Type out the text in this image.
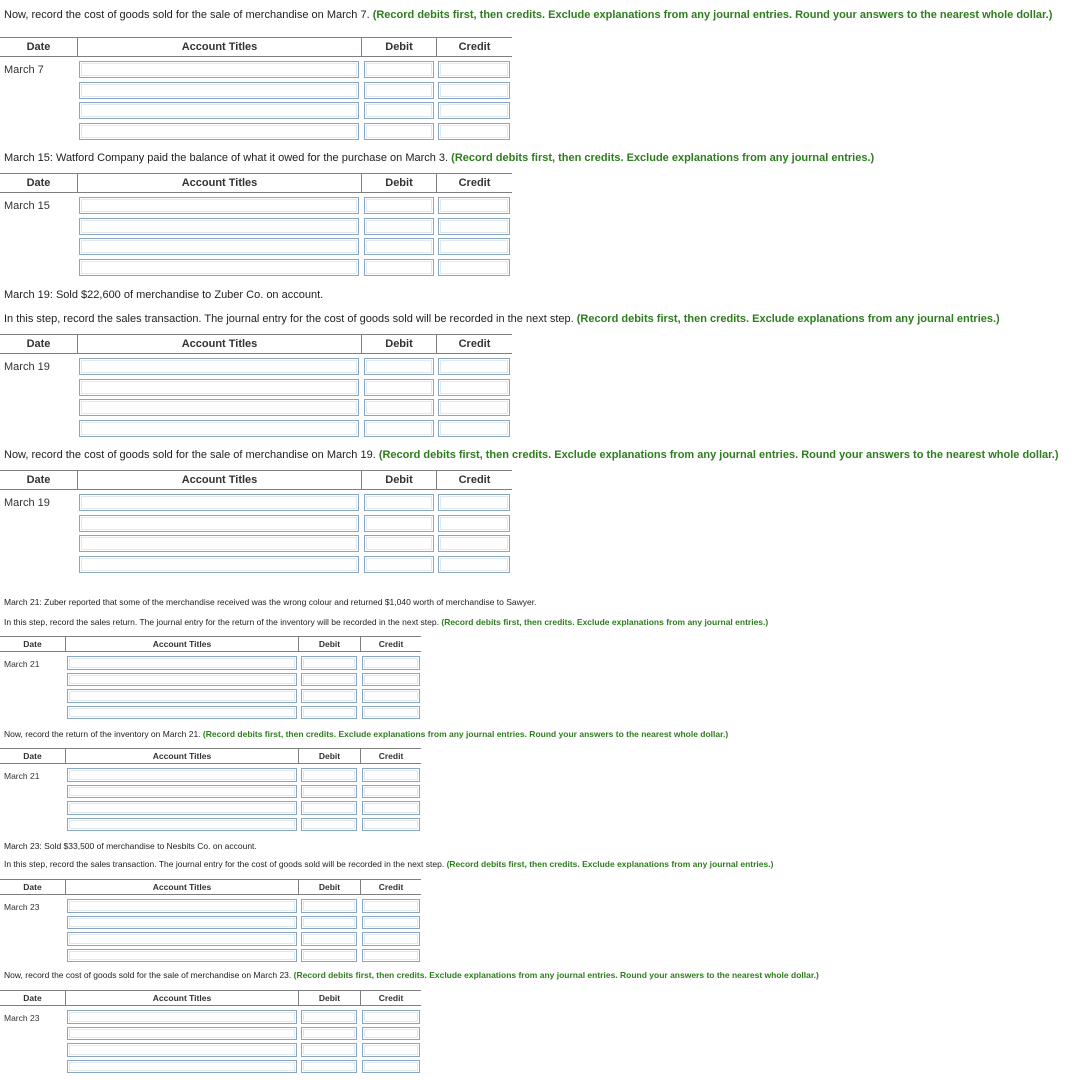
Now, record the cost of goods sold for the sale of merchandise on March 7. (Record debits first, then credits. Exclude explanations from any journal entries. Round your answers to the nearest whole dollar.)
Date	Account Titles	Debit	Credit
March 7
March 15: Watford Company paid the balance of what it owed for the purchase on March 3. (Record debits first, then credits. Exclude explanations from any journal entries.)
Date	Account Titles	Debit	Credit
March 15
March 19: Sold $22,600 of merchandise to Zuber Co. on account.
In this step, record the sales transaction. The journal entry for the cost of goods sold will be recorded in the next step. (Record debits first, then credits. Exclude explanations from any journal entries.)
Date	Account Titles	Debit	Credit
March 19
Now, record the cost of goods sold for the sale of merchandise on March 19. (Record debits first, then credits. Exclude explanations from any journal entries. Round your answers to the nearest whole dollar.)
Date	Account Titles	Debit	Credit
March 19
March 21: Zuber reported that some of the merchandise received was the wrong colour and returned $1,040 worth of merchandise to Sawyer.
In this step, record the sales return. The journal entry for the return of the inventory will be recorded in the next step. (Record debits first, then credits. Exclude explanations from any journal entries.)
Date	Account Titles	Debit	Credit
March 21
Now, record the return of the inventory on March 21. (Record debits first, then credits. Exclude explanations from any journal entries. Round your answers to the nearest whole dollar.)
Date	Account Titles	Debit	Credit
March 21
March 23: Sold $33,500 of merchandise to Nesbits Co. on account.
In this step, record the sales transaction. The journal entry for the cost of goods sold will be recorded in the next step. (Record debits first, then credits. Exclude explanations from any journal entries.)
Date	Account Titles	Debit	Credit
March 23
Now, record the cost of goods sold for the sale of merchandise on March 23. (Record debits first, then credits. Exclude explanations from any journal entries. Round your answers to the nearest whole dollar.)
Date	Account Titles	Debit	Credit
March 23
